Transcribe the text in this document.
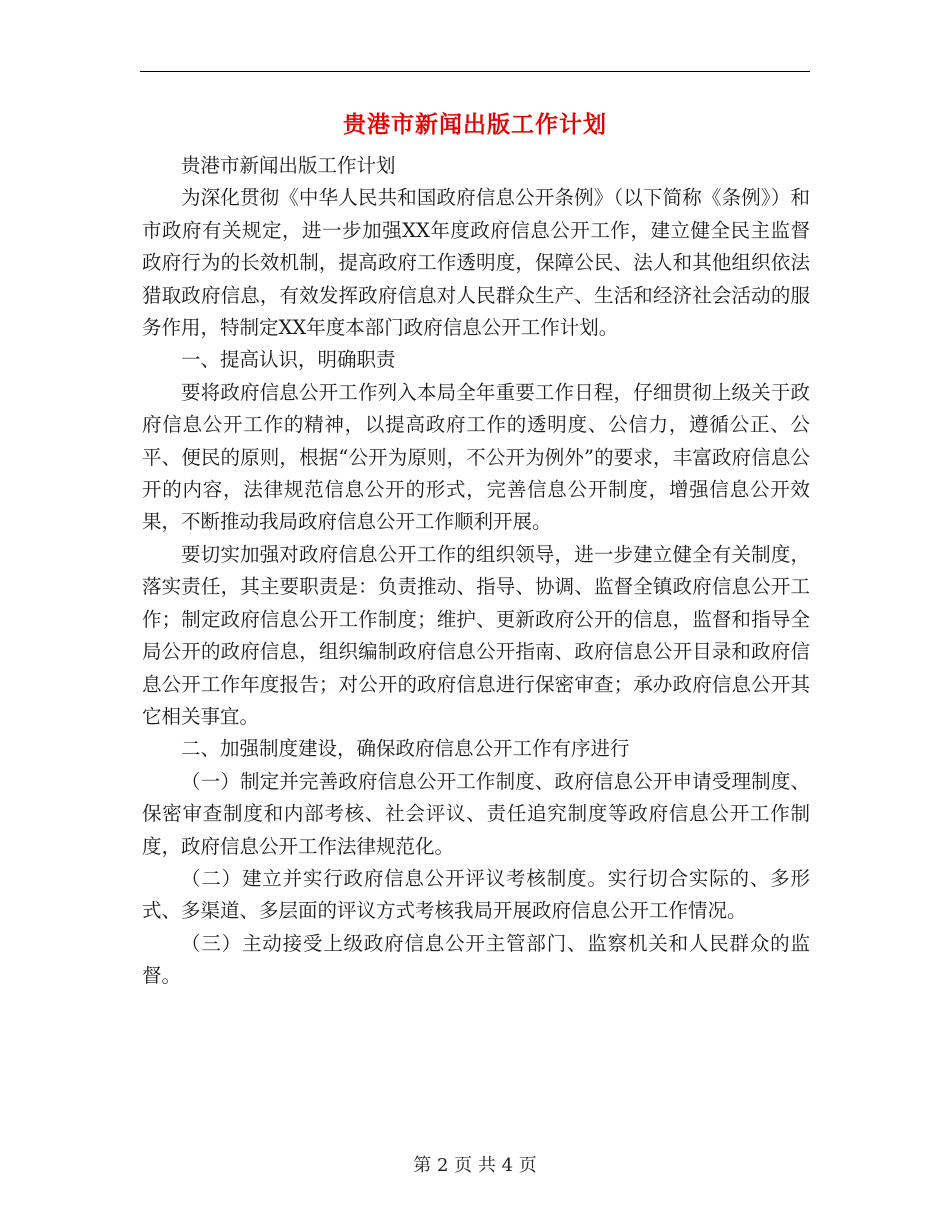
贵港市新闻出版工作计划

贵港市新闻出版工作计划

为深化贯彻《中华人民共和国政府信息公开条例》（以下简称《条例》）和市政府有关规定，进一步加强XX年度政府信息公开工作，建立健全民主监督政府行为的长效机制，提高政府工作透明度，保障公民、法人和其他组织依法猎取政府信息，有效发挥政府信息对人民群众生产、生活和经济社会活动的服务作用，特制定XX年度本部门政府信息公开工作计划。

一、提高认识，明确职责

要将政府信息公开工作列入本局全年重要工作日程，仔细贯彻上级关于政府信息公开工作的精神，以提高政府工作的透明度、公信力，遵循公正、公平、便民的原则，根据“公开为原则，不公开为例外”的要求，丰富政府信息公开的内容，法律规范信息公开的形式，完善信息公开制度，增强信息公开效果，不断推动我局政府信息公开工作顺利开展。

要切实加强对政府信息公开工作的组织领导，进一步建立健全有关制度，落实责任，其主要职责是：负责推动、指导、协调、监督全镇政府信息公开工作；制定政府信息公开工作制度；维护、更新政府公开的信息，监督和指导全局公开的政府信息，组织编制政府信息公开指南、政府信息公开目录和政府信息公开工作年度报告；对公开的政府信息进行保密审查；承办政府信息公开其它相关事宜。

二、加强制度建设，确保政府信息公开工作有序进行

（一）制定并完善政府信息公开工作制度、政府信息公开申请受理制度、保密审查制度和内部考核、社会评议、责任追究制度等政府信息公开工作制度，政府信息公开工作法律规范化。

（二）建立并实行政府信息公开评议考核制度。实行切合实际的、多形式、多渠道、多层面的评议方式考核我局开展政府信息公开工作情况。

（三）主动接受上级政府信息公开主管部门、监察机关和人民群众的监督。

第 2 页 共 4 页
